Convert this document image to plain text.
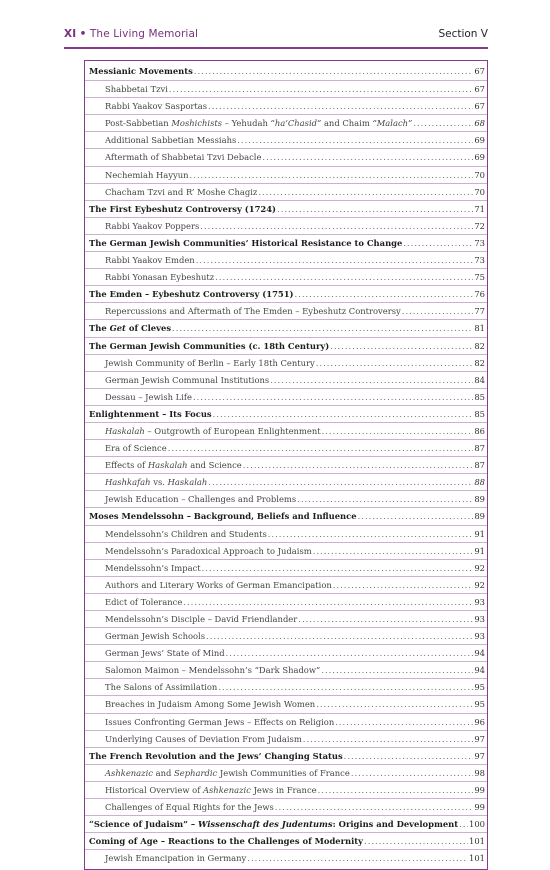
XI • The Living Memorial	Section V
Messianic Movements .....	67
Shabbetai Tzvi .....	67
Rabbi Yaakov Sasportas .....	67
Post-Sabbetian Moshichists – Yehudah “ha’Chasid” and Chaim “Malach” .....	68
Additional Sabbetian Messiahs .....	69
Aftermath of Shabbetai Tzvi Debacle .....	69
Nechemiah Hayyun .....	70
Chacham Tzvi and R’ Moshe Chagiz .....	70
The First Eybeshutz Controversy (1724) .....	71
Rabbi Yaakov Poppers .....	72
The German Jewish Communities’ Historical Resistance to Change .....	73
Rabbi Yaakov Emden .....	73
Rabbi Yonasan Eybeshutz .....	75
The Emden – Eybeshutz Controversy (1751) .....	76
Repercussions and Aftermath of The Emden – Eybeshutz Controversy .....	77
The Get of Cleves .....	81
The German Jewish Communities (c. 18th Century) .....	82
Jewish Community of Berlin – Early 18th Century .....	82
German Jewish Communal Institutions .....	84
Dessau – Jewish Life .....	85
Enlightenment – Its Focus .....	85
Haskalah – Outgrowth of European Enlightenment .....	86
Era of Science .....	87
Effects of Haskalah and Science .....	87
Hashkafah vs. Haskalah .....	88
Jewish Education – Challenges and Problems .....	89
Moses Mendelssohn – Background, Beliefs and Influence .....	89
Mendelssohn’s Children and Students .....	91
Mendelssohn’s Paradoxical Approach to Judaism .....	91
Mendelssohn’s Impact .....	92
Authors and Literary Works of German Emancipation .....	92
Edict of Tolerance .....	93
Mendelssohn’s Disciple – David Friendlander .....	93
German Jewish Schools .....	93
German Jews’ State of Mind .....	94
Salomon Maimon – Mendelssohn’s “Dark Shadow” .....	94
The Salons of Assimilation .....	95
Breaches in Judaism Among Some Jewish Women .....	95
Issues Confronting German Jews – Effects on Religion .....	96
Underlying Causes of Deviation From Judaism .....	97
The French Revolution and the Jews’ Changing Status .....	97
Ashkenazic and Sephardic Jewish Communities of France .....	98
Historical Overview of Ashkenazic Jews in France .....	99
Challenges of Equal Rights for the Jews .....	99
“Science of Judaism” – Wissenschaft des Judentums: Origins and Development ..... 100
Coming of Age – Reactions to the Challenges of Modernity .....	101
Jewish Emancipation in Germany .....	101
